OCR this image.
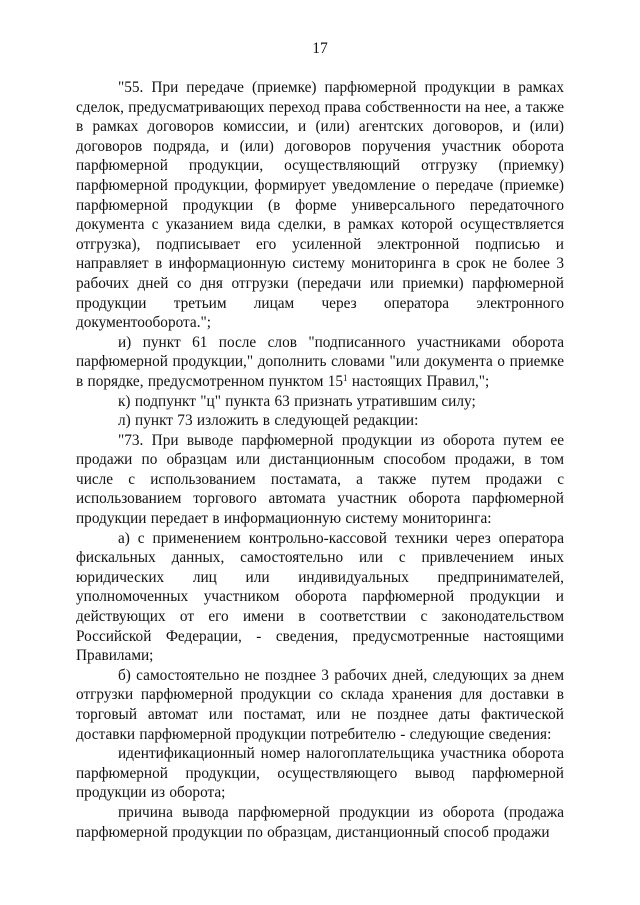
17

"55. При передаче (приемке) парфюмерной продукции в рамках сделок, предусматривающих переход права собственности на нее, а также в рамках договоров комиссии, и (или) агентских договоров, и (или) договоров подряда, и (или) договоров поручения участник оборота парфюмерной продукции, осуществляющий отгрузку (приемку) парфюмерной продукции, формирует уведомление о передаче (приемке) парфюмерной продукции (в форме универсального передаточного документа с указанием вида сделки, в рамках которой осуществляется отгрузка), подписывает его усиленной электронной подписью и направляет в информационную систему мониторинга в срок не более 3 рабочих дней со дня отгрузки (передачи или приемки) парфюмерной продукции третьим лицам через оператора электронного документооборота.";

и) пункт 61 после слов "подписанного участниками оборота парфюмерной продукции," дополнить словами "или документа о приемке в порядке, предусмотренном пунктом $15^1$ настоящих Правил,";

к) подпункт "ц" пункта 63 признать утратившим силу;

л) пункт 73 изложить в следующей редакции:

"73. При выводе парфюмерной продукции из оборота путем ее продажи по образцам или дистанционным способом продажи, в том числе с использованием постамата, а также путем продажи с использованием торгового автомата участник оборота парфюмерной продукции передает в информационную систему мониторинга:

а) с применением контрольно-кассовой техники через оператора фискальных данных, самостоятельно или с привлечением иных юридических лиц или индивидуальных предпринимателей, уполномоченных участником оборота парфюмерной продукции и действующих от его имени в соответствии с законодательством Российской Федерации, - сведения, предусмотренные настоящими Правилами;

б) самостоятельно не позднее 3 рабочих дней, следующих за днем отгрузки парфюмерной продукции со склада хранения для доставки в торговый автомат или постамат, или не позднее даты фактической доставки парфюмерной продукции потребителю - следующие сведения:

идентификационный номер налогоплательщика участника оборота парфюмерной продукции, осуществляющего вывод парфюмерной продукции из оборота;

причина вывода парфюмерной продукции из оборота (продажа парфюмерной продукции по образцам, дистанционный способ продажи
